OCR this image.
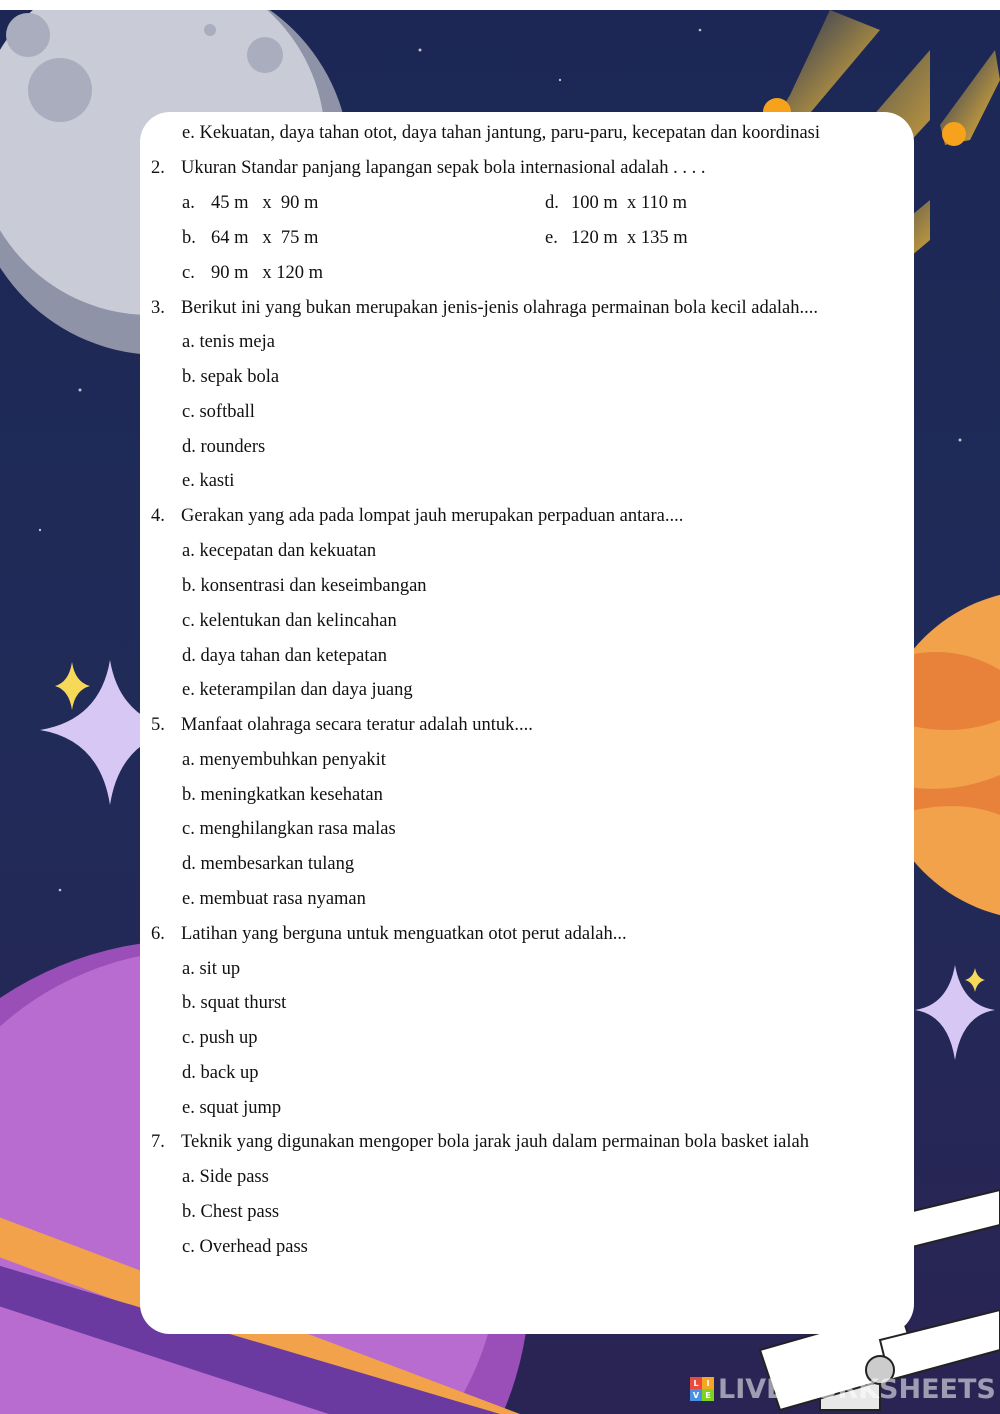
e. Kekuatan, daya tahan otot, daya tahan jantung, paru-paru, kecepatan dan koordinasi
2. Ukuran Standar panjang lapangan sepak bola internasional adalah . . . .
a. 45 m   x  90 m
b. 64 m   x  75 m
c. 90 m   x 120 m
d. 100 m  x 110 m
e. 120 m  x 135 m
3. Berikut ini yang bukan merupakan jenis-jenis olahraga permainan bola kecil adalah....
a. tenis meja
b. sepak bola
c. softball
d. rounders
e. kasti
4. Gerakan yang ada pada lompat jauh merupakan perpaduan antara....
a. kecepatan dan kekuatan
b. konsentrasi dan keseimbangan
c. kelentukan dan kelincahan
d. daya tahan dan ketepatan
e. keterampilan dan daya juang
5. Manfaat olahraga secara teratur adalah untuk....
a. menyembuhkan penyakit
b. meningkatkan kesehatan
c. menghilangkan rasa malas
d. membesarkan tulang
e. membuat rasa nyaman
6. Latihan yang berguna untuk menguatkan otot perut adalah...
a. sit up
b. squat thurst
c. push up
d. back up
e. squat jump
7. Teknik yang digunakan mengoper bola jarak jauh dalam permainan bola basket ialah
a. Side pass
b. Chest pass
c. Overhead pass
L I
V E LIVEWORKSHEETS
